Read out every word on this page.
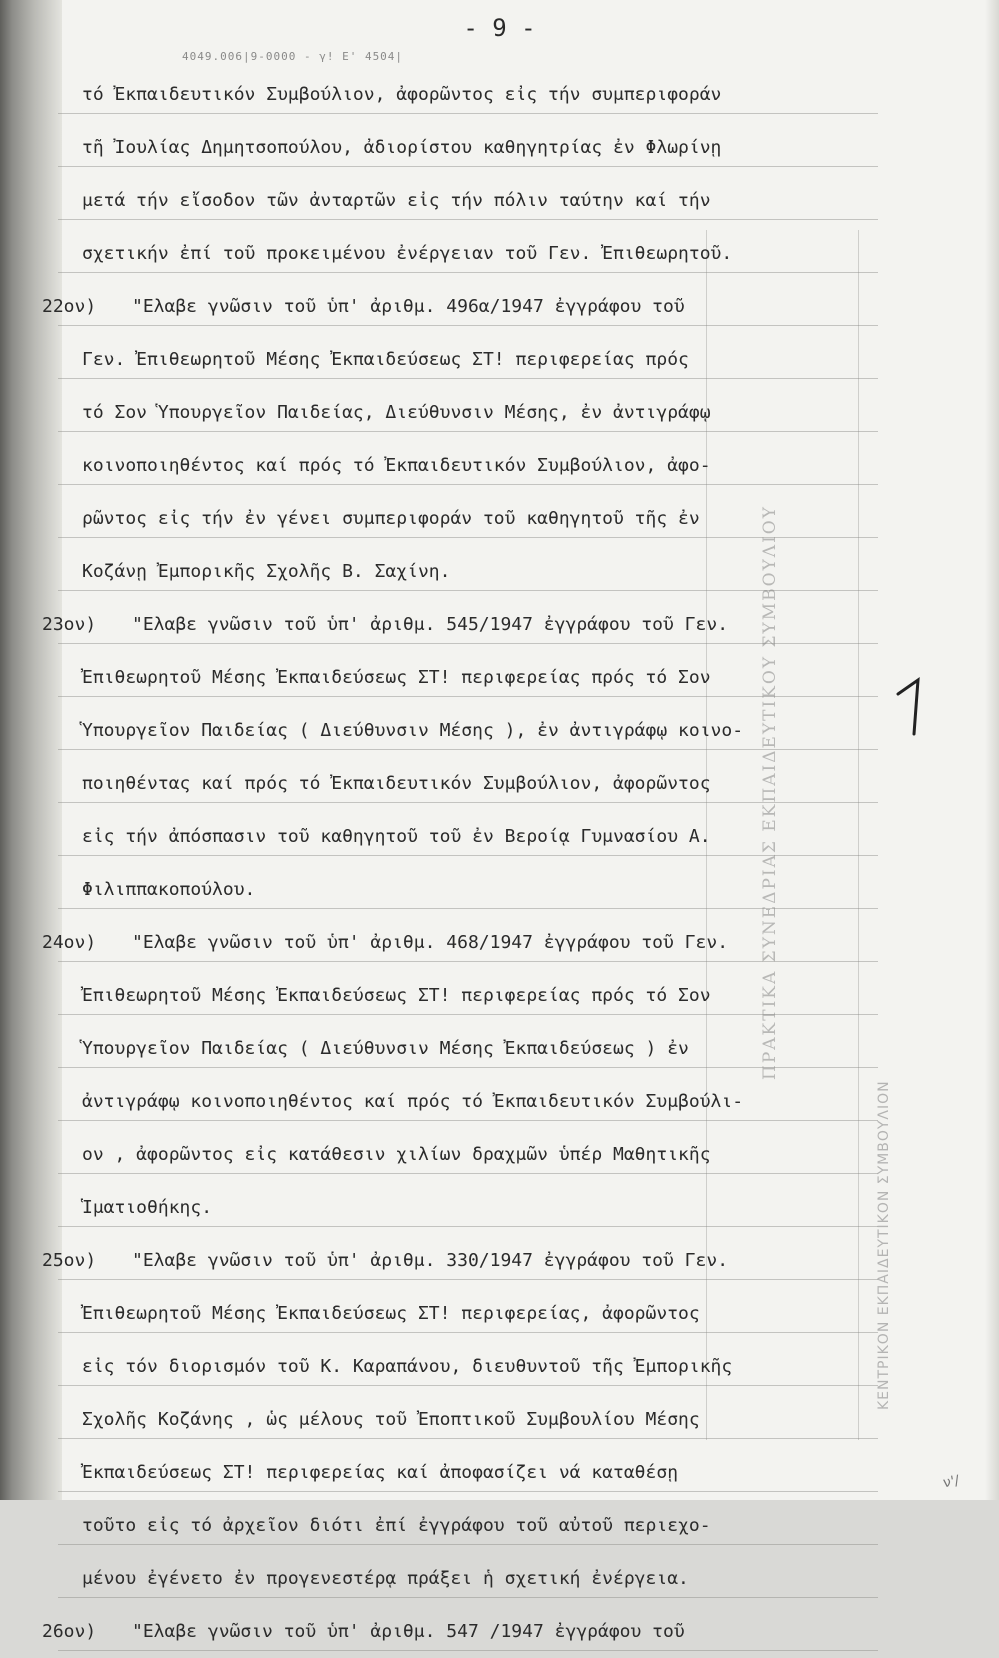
- 9 -
4049.006|9-0000 - γ! Ε' 4504|
ΠΡΑΚΤΙΚΑ ΣΥΝΕΔΡΙΑΣ ΕΚΠΑΙΔΕΥΤΙΚΟΥ ΣΥΜΒΟΥΛΙΟΥ
ΚΕΝΤΡΙΚΟΝ ΕΚΠΑΙΔΕΥΤΙΚΟΝ ΣΥΜΒΟΥΛΙΟΝ
τό Ἐκπαιδευτικόν Συμβούλιον, ἀφορῶντος εἰς τήν συμπεριφοράν
τῆ Ἰουλίας Δημητσοπούλου, ἀδιορίστου καθηγητρίας ἐν Φλωρίνῃ
μετά τήν εἴσοδον τῶν ἀνταρτῶν εἰς τήν πόλιν ταύτην καί τήν
σχετικήν ἐπί τοῦ προκειμένου ἐνέργειαν τοῦ Γεν. Ἐπιθεωρητοῦ.
22ον) "Ελαβε γνῶσιν τοῦ ὑπ' ἀριθμ. 496α/1947 ἐγγράφου τοῦ
Γεν. Ἐπιθεωρητοῦ Μέσης Ἐκπαιδεύσεως ΣΤ! περιφερείας πρός
τό Σον Ὑπουργεῖον Παιδείας, Διεύθυνσιν Μέσης, ἐν ἀντιγράφῳ
κοινοποιηθέντος καί πρός τό Ἐκπαιδευτικόν Συμβούλιον, ἀφο-
ρῶντος εἰς τήν ἐν γένει συμπεριφοράν τοῦ καθηγητοῦ τῆς ἐν
Κοζάνῃ Ἐμπορικῆς Σχολῆς Β. Σαχίνη.
23ον) "Ελαβε γνῶσιν τοῦ ὑπ' ἀριθμ. 545/1947 ἐγγράφου τοῦ Γεν.
Ἐπιθεωρητοῦ Μέσης Ἐκπαιδεύσεως ΣΤ! περιφερείας πρός τό Σον
Ὑπουργεῖον Παιδείας ( Διεύθυνσιν Μέσης ), ἐν ἀντιγράφῳ κοινο-
ποιηθέντας καί πρός τό Ἐκπαιδευτικόν Συμβούλιον, ἀφορῶντος
εἰς τήν ἀπόσπασιν τοῦ καθηγητοῦ τοῦ ἐν Βεροίᾳ Γυμνασίου Α.
Φιλιππακοπούλου.
24ον) "Ελαβε γνῶσιν τοῦ ὑπ' ἀριθμ. 468/1947 ἐγγράφου τοῦ Γεν.
Ἐπιθεωρητοῦ Μέσης Ἐκπαιδεύσεως ΣΤ! περιφερείας πρός τό Σον
Ὑπουργεῖον Παιδείας ( Διεύθυνσιν Μέσης Ἐκπαιδεύσεως ) ἐν
ἀντιγράφῳ κοινοποιηθέντος καί πρός τό Ἐκπαιδευτικόν Συμβούλι-
ον , ἀφορῶντος εἰς κατάθεσιν χιλίων δραχμῶν ὑπέρ Μαθητικῆς
Ἱματιοθήκης.
25ον) "Ελαβε γνῶσιν τοῦ ὑπ' ἀριθμ. 330/1947 ἐγγράφου τοῦ Γεν.
Ἐπιθεωρητοῦ Μέσης Ἐκπαιδεύσεως ΣΤ! περιφερείας, ἀφορῶντος
εἰς τόν διορισμόν τοῦ Κ. Καραπάνου, διευθυντοῦ τῆς Ἐμπορικῆς
Σχολῆς Κοζάνης , ὡς μέλους τοῦ Ἐποπτικοῦ Συμβουλίου Μέσης
Ἐκπαιδεύσεως ΣΤ! περιφερείας καί ἀποφασίζει νά καταθέσῃ
τοῦτο εἰς τό ἀρχεῖον διότι ἐπί ἐγγράφου τοῦ αὐτοῦ περιεχο-
μένου ἐγένετο ἐν προγενεστέρᾳ πράξει ἡ σχετική ἐνέργεια.
26ον) "Ελαβε γνῶσιν τοῦ ὑπ' ἀριθμ. 547 /1947 ἐγγράφου τοῦ
ν'/
